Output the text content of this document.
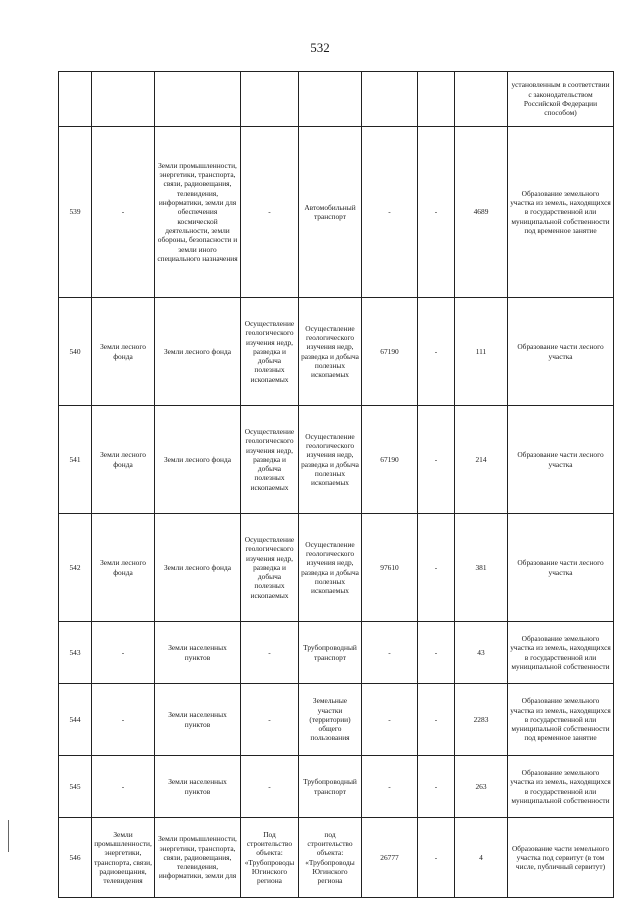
532

								установленным в соответствии с законодательством Российской Федерации способом)

539	-	Земли промышленности, энергетики, транспорта, связи, радиовещания, телевидения, информатики, земли для обеспечения космической деятельности, земли обороны, безопасности и земли иного специального назначения	-	Автомобильный транспорт	-	-	4689	Образование земельного участка из земель, находящихся в государственной или муниципальной собственности под временное занятие

540	Земли лесного фонда	Земли лесного фонда	Осуществление геологического изучения недр, разведка и добыча полезных ископаемых	Осуществление геологического изучения недр, разведка и добыча полезных ископаемых	67190	-	111	Образование части лесного участка

541	Земли лесного фонда	Земли лесного фонда	Осуществление геологического изучения недр, разведка и добыча полезных ископаемых	Осуществление геологического изучения недр, разведка и добыча полезных ископаемых	67190	-	214	Образование части лесного участка

542	Земли лесного фонда	Земли лесного фонда	Осуществление геологического изучения недр, разведка и добыча полезных ископаемых	Осуществление геологического изучения недр, разведка и добыча полезных ископаемых	97610	-	381	Образование части лесного участка

543	-	Земли населенных пунктов	-	Трубопроводный транспорт	-	-	43	Образование земельного участка из земель, находящихся в государственной или муниципальной собственности

544	-	Земли населенных пунктов	-	Земельные участки (территории) общего пользования	-	-	2283	Образование земельного участка из земель, находящихся в государственной или муниципальной собственности под временное занятие

545	-	Земли населенных пунктов	-	Трубопроводный транспорт	-	-	263	Образование земельного участка из земель, находящихся в государственной или муниципальной собственности

546	Земли промышленности, энергетики, транспорта, связи, радиовещания, телевидения	Земли промышленности, энергетики, транспорта, связи, радиовещания, телевидения, информатики, земли для	Под строительство объекта: «Трубопроводы Югинского региона	под строительство объекта: «Трубопроводы Югинского региона	26777	-	4	Образование части земельного участка под сервитут (в том числе, публичный сервитут)
